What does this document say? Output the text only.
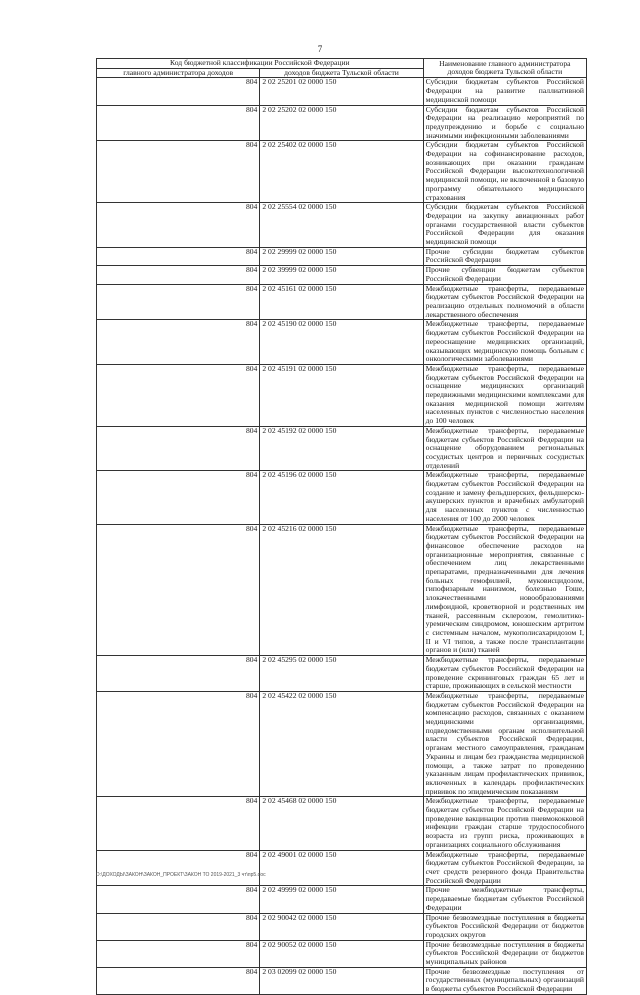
7
Код бюджетной классификации Российской Федерации		Наименование главного администратора доходов бюджета Тульской области
главного администратора доходов	доходов бюджета Тульской области	
804	2 02 25201 02 0000 150	Субсидии бюджетам субъектов Российской Федерации на развитие паллиативной медицинской помощи
804	2 02 25202 02 0000 150	Субсидии бюджетам субъектов Российской Федерации на реализацию мероприятий по предупреждению и борьбе с социально значимыми инфекционными заболеваниями
804	2 02 25402 02 0000 150	Субсидии бюджетам субъектов Российской Федерации на софинансирование расходов, возникающих при оказании гражданам Российской Федерации высокотехнологичной медицинской помощи, не включенной в базовую программу обязательного медицинского страхования
804	2 02 25554 02 0000 150	Субсидии бюджетам субъектов Российской Федерации на закупку авиационных работ органами государственной власти субъектов Российской Федерации для оказания медицинской помощи
804	2 02 29999 02 0000 150	Прочие субсидии бюджетам субъектов Российской Федерации
804	2 02 39999 02 0000 150	Прочие субвенции бюджетам субъектов Российской Федерации
804	2 02 45161 02 0000 150	Межбюджетные трансферты, передаваемые бюджетам субъектов Российской Федерации на реализацию отдельных полномочий в области лекарственного обеспечения
804	2 02 45190 02 0000 150	Межбюджетные трансферты, передаваемые бюджетам субъектов Российской Федерации на переоснащение медицинских организаций, оказывающих медицинскую помощь больным с онкологическими заболеваниями
804	2 02 45191 02 0000 150	Межбюджетные трансферты, передаваемые бюджетам субъектов Российской Федерации на оснащение медицинских организаций передвижными медицинскими комплексами для оказания медицинской помощи жителям населенных пунктов с численностью населения до 100 человек
804	2 02 45192 02 0000 150	Межбюджетные трансферты, передаваемые бюджетам субъектов Российской Федерации на оснащение оборудованием региональных сосудистых центров и первичных сосудистых отделений
804	2 02 45196 02 0000 150	Межбюджетные трансферты, передаваемые бюджетам субъектов Российской Федерации на создание и замену фельдшерских, фельдшерско-акушерских пунктов и врачебных амбулаторий для населенных пунктов с численностью населения от 100 до 2000 человек
804	2 02 45216 02 0000 150	Межбюджетные трансферты, передаваемые бюджетам субъектов Российской Федерации на финансовое обеспечение расходов на организационные мероприятия, связанные с обеспечением лиц лекарственными препаратами, предназначенными для лечения больных гемофилией, муковисцидозом, гипофизарным нанизмом, болезнью Гоше, злокачественными новообразованиями лимфоидной, кроветворной и родственных им тканей, рассеянным склерозом, гемолитико-уремическим синдромом, юношеским артритом с системным началом, мукополисахаридозом I, II и VI типов, а также после трансплантации органов и (или) тканей
804	2 02 45295 02 0000 150	Межбюджетные трансферты, передаваемые бюджетам субъектов Российской Федерации на проведение скрининговых граждан 65 лет и старше, проживающих в сельской местности
804	2 02 45422 02 0000 150	Межбюджетные трансферты, передаваемые бюджетам субъектов Российской Федерации на компенсацию расходов, связанных с оказанием медицинскими организациями, подведомственными органам исполнительной власти субъектов Российской Федерации, органам местного самоуправления, гражданам Украины и лицам без гражданства медицинской помощи, а также затрат по проведению указанным лицам профилактических прививок, включенных в календарь профилактических прививок по эпидемическим показаниям
804	2 02 45468 02 0000 150	Межбюджетные трансферты, передаваемые бюджетам субъектов Российской Федерации на проведение вакцинации против пневмококковой инфекции граждан старше трудоспособного возраста из групп риска, проживающих в организациях социального обслуживания
804	2 02 49001 02 0000 150	Межбюджетные трансферты, передаваемые бюджетам субъектов Российской Федерации, за счет средств резервного фонда Правительства Российской Федерации
804	2 02 49999 02 0000 150	Прочие межбюджетные трансферты, передаваемые бюджетам субъектов Российской Федерации
804	2 02 90042 02 0000 150	Прочие безвозмездные поступления в бюджеты субъектов Российской Федерации от бюджетов городских округов
804	2 02 90052 02 0000 150	Прочие безвозмездные поступления в бюджеты субъектов Российской Федерации от бюджетов муниципальных районов
804	2 03 02099 02 0000 150	Прочие безвозмездные поступления от государственных (муниципальных) организаций в бюджеты субъектов Российской Федерации
D:\ДОХОДЫ\ЗАКОН\ЗАКОН_ПРОЕКТ\ЗАКОН ТО 2019-2021_3 чт\пр5.doc
